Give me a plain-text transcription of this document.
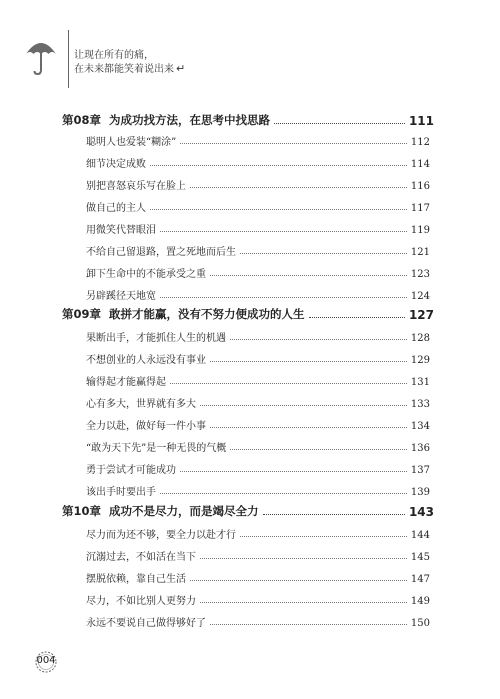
让现在所有的痛，
在未来都能笑着说出来 ↵
第08章 为成功找方法，在思考中找思路	111
聪明人也爱装“糊涂”	112
细节决定成败	114
别把喜怒哀乐写在脸上	116
做自己的主人	117
用微笑代替眼泪	119
不给自己留退路，置之死地而后生	121
卸下生命中的不能承受之重	123
另辟蹊径天地宽	124
第09章 敢拼才能赢，没有不努力便成功的人生	127
果断出手，才能抓住人生的机遇	128
不想创业的人永远没有事业	129
输得起才能赢得起	131
心有多大，世界就有多大	133
全力以赴，做好每一件小事	134
“敢为天下先”是一种无畏的气概	136
勇于尝试才可能成功	137
该出手时要出手	139
第10章 成功不是尽力，而是竭尽全力	143
尽力而为还不够，要全力以赴才行	144
沉溺过去，不如活在当下	145
摆脱依赖，靠自己生活	147
尽力，不如比别人更努力	149
永远不要说自己做得够好了	150
004
